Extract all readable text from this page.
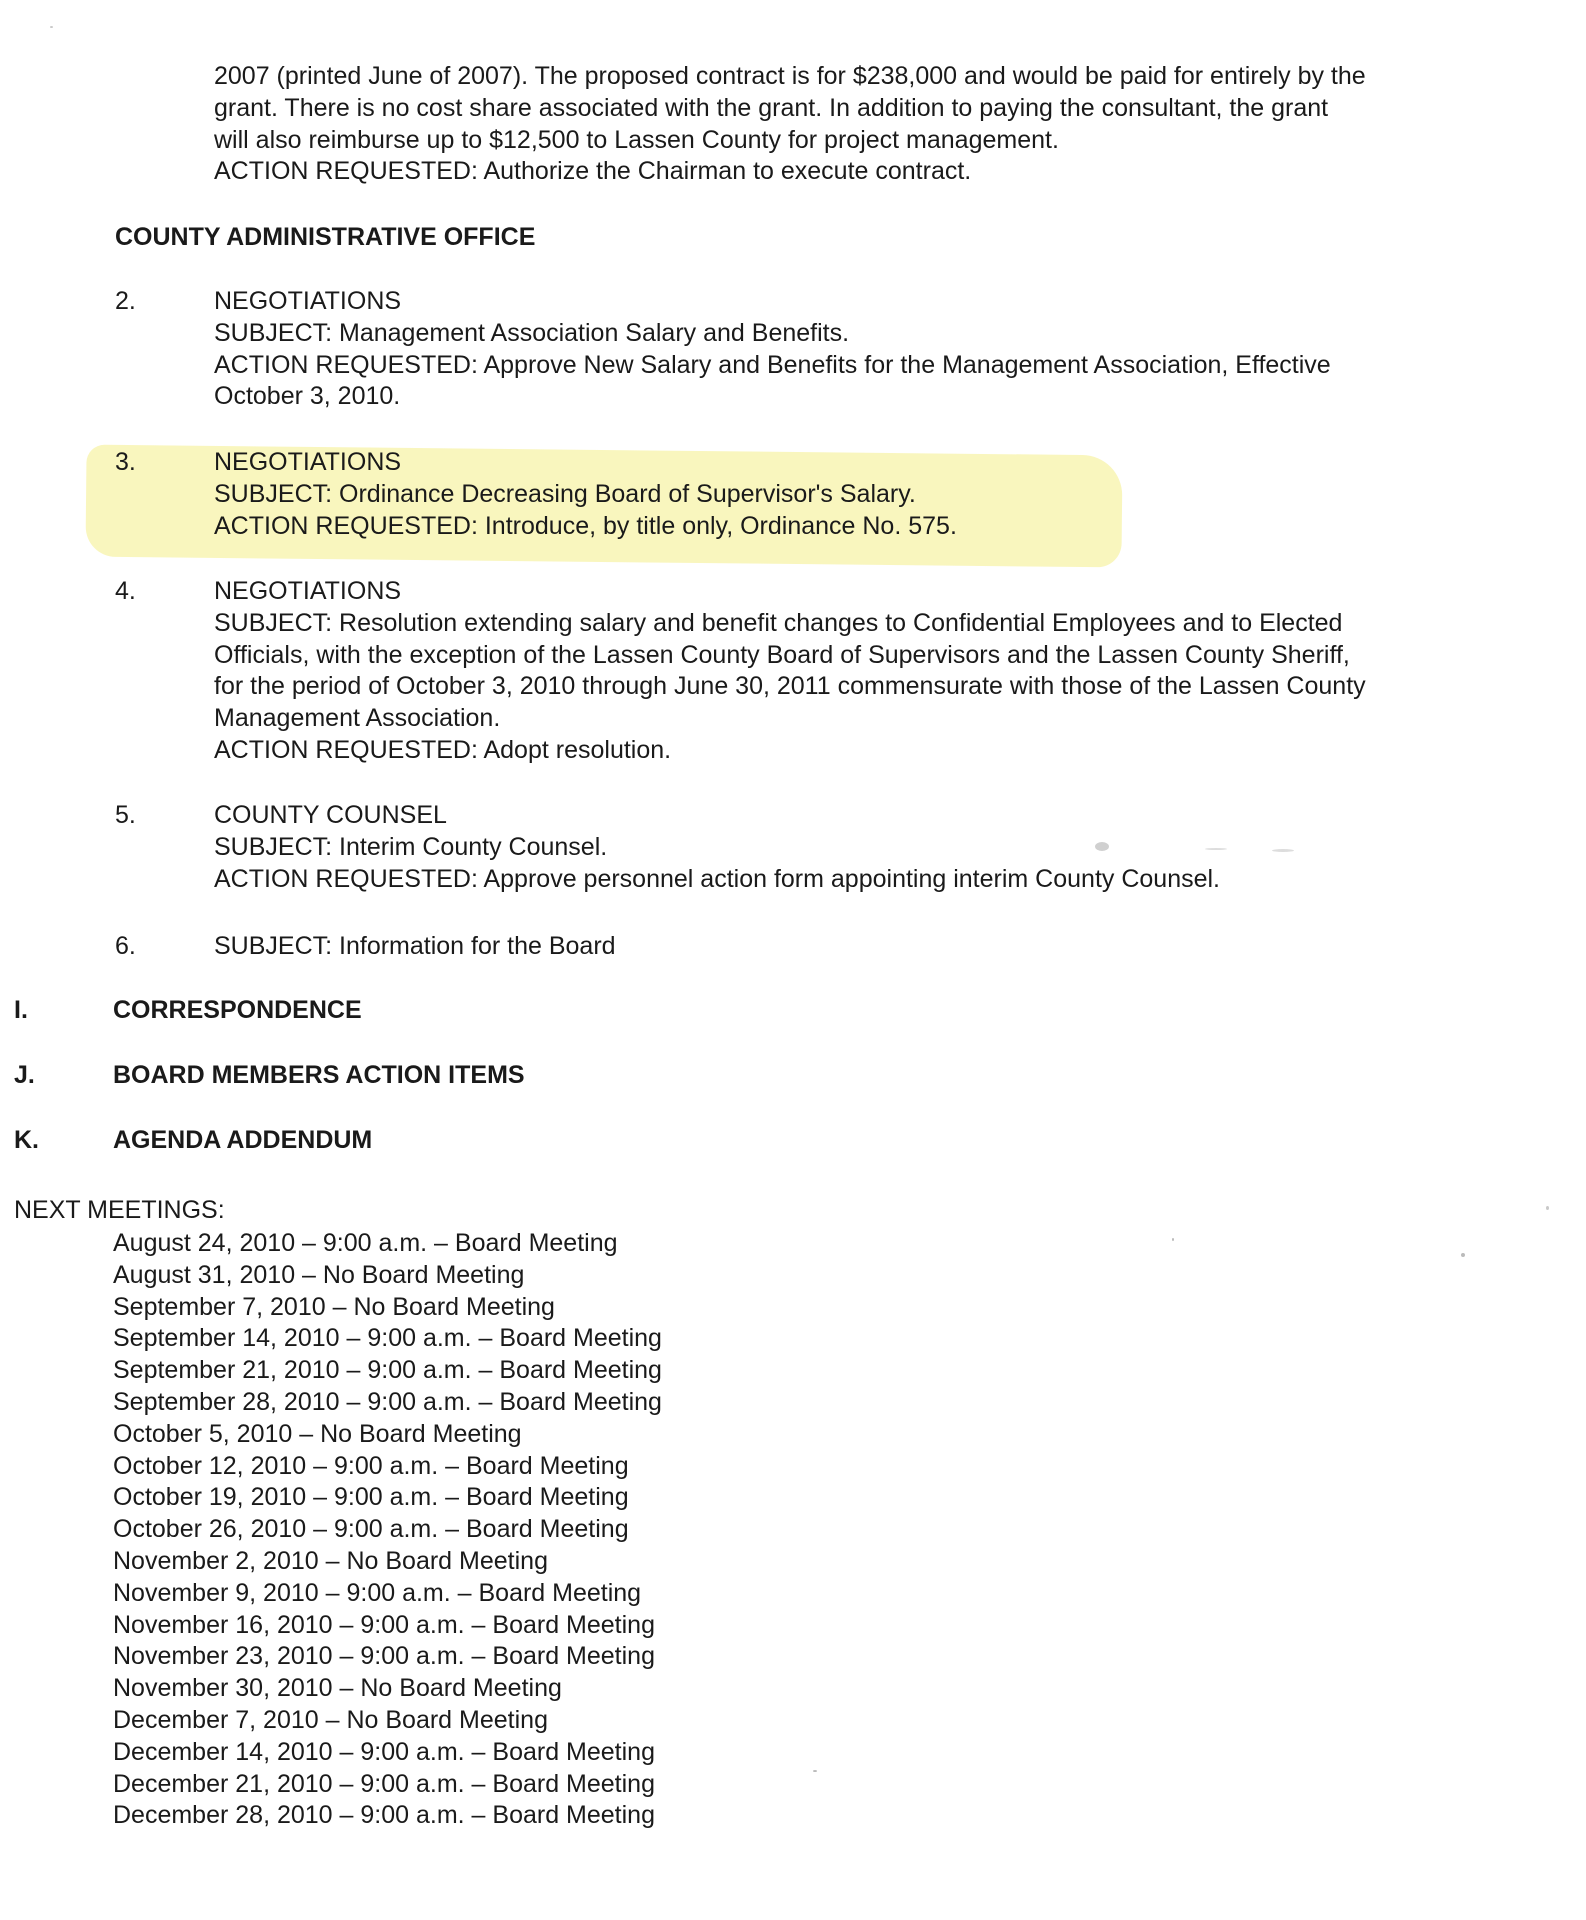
2007 (printed June of 2007). The proposed contract is for $238,000 and would be paid for entirely by the
grant. There is no cost share associated with the grant. In addition to paying the consultant, the grant
will also reimburse up to $12,500 to Lassen County for project management.
ACTION REQUESTED: Authorize the Chairman to execute contract.
COUNTY ADMINISTRATIVE OFFICE
2.	NEGOTIATIONS
SUBJECT: Management Association Salary and Benefits.
ACTION REQUESTED: Approve New Salary and Benefits for the Management Association, Effective
October 3, 2010.
3.	NEGOTIATIONS
SUBJECT: Ordinance Decreasing Board of Supervisor's Salary.
ACTION REQUESTED: Introduce, by title only, Ordinance No. 575.
4.	NEGOTIATIONS
SUBJECT: Resolution extending salary and benefit changes to Confidential Employees and to Elected
Officials, with the exception of the Lassen County Board of Supervisors and the Lassen County Sheriff,
for the period of October 3, 2010 through June 30, 2011 commensurate with those of the Lassen County
Management Association.
ACTION REQUESTED: Adopt resolution.
5.	COUNTY COUNSEL
SUBJECT: Interim County Counsel.
ACTION REQUESTED: Approve personnel action form appointing interim County Counsel.
6.	SUBJECT: Information for the Board
I.	CORRESPONDENCE
J.	BOARD MEMBERS ACTION ITEMS
K.	AGENDA ADDENDUM
NEXT MEETINGS:
August 24, 2010 – 9:00 a.m. – Board Meeting
August 31, 2010 – No Board Meeting
September 7, 2010 – No Board Meeting
September 14, 2010 – 9:00 a.m. – Board Meeting
September 21, 2010 – 9:00 a.m. – Board Meeting
September 28, 2010 – 9:00 a.m. – Board Meeting
October 5, 2010 – No Board Meeting
October 12, 2010 – 9:00 a.m. – Board Meeting
October 19, 2010 – 9:00 a.m. – Board Meeting
October 26, 2010 – 9:00 a.m. – Board Meeting
November 2, 2010 – No Board Meeting
November 9, 2010 – 9:00 a.m. – Board Meeting
November 16, 2010 – 9:00 a.m. – Board Meeting
November 23, 2010 – 9:00 a.m. – Board Meeting
November 30, 2010 – No Board Meeting
December 7, 2010 – No Board Meeting
December 14, 2010 – 9:00 a.m. – Board Meeting
December 21, 2010 – 9:00 a.m. – Board Meeting
December 28, 2010 – 9:00 a.m. – Board Meeting
